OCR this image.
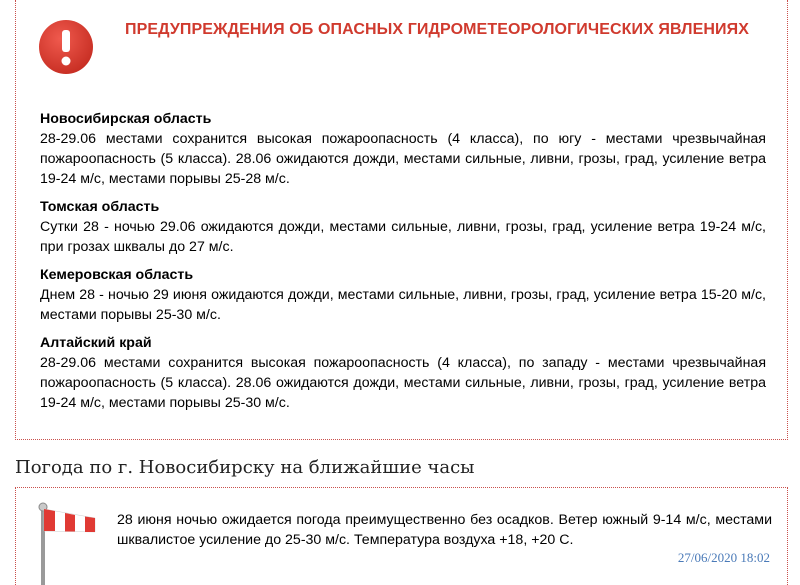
ПРЕДУПРЕЖДЕНИЯ ОБ ОПАСНЫХ ГИДРОМЕТЕОРОЛОГИЧЕСКИХ ЯВЛЕНИЯХ
Новосибирская область
28-29.06 местами сохранится высокая пожароопасность (4 класса), по югу - местами чрезвычайная пожароопасность (5 класса). 28.06 ожидаются дожди, местами сильные, ливни, грозы, град, усиление ветра 19-24 м/с, местами порывы 25-28 м/с.
Томская область
Сутки 28 - ночью 29.06 ожидаются дожди, местами сильные, ливни, грозы, град, усиление ветра 19-24 м/с, при грозах шквалы до 27 м/с.
Кемеровская область
Днем 28 - ночью 29 июня ожидаются дожди, местами сильные, ливни, грозы, град, усиление ветра 15-20 м/с, местами порывы 25-30 м/с.
Алтайский край
28-29.06 местами сохранится высокая пожароопасность (4 класса), по западу - местами чрезвычайная пожароопасность (5 класса). 28.06 ожидаются дожди, местами сильные, ливни, грозы, град, усиление ветра 19-24 м/с, местами порывы 25-30 м/с.
Погода по г. Новосибирску на ближайшие часы
28 июня ночью ожидается погода преимущественно без осадков. Ветер южный 9-14 м/с, местами шквалистое усиление до 25-30 м/с. Температура воздуха +18, +20 С.
27/06/2020 18:02
